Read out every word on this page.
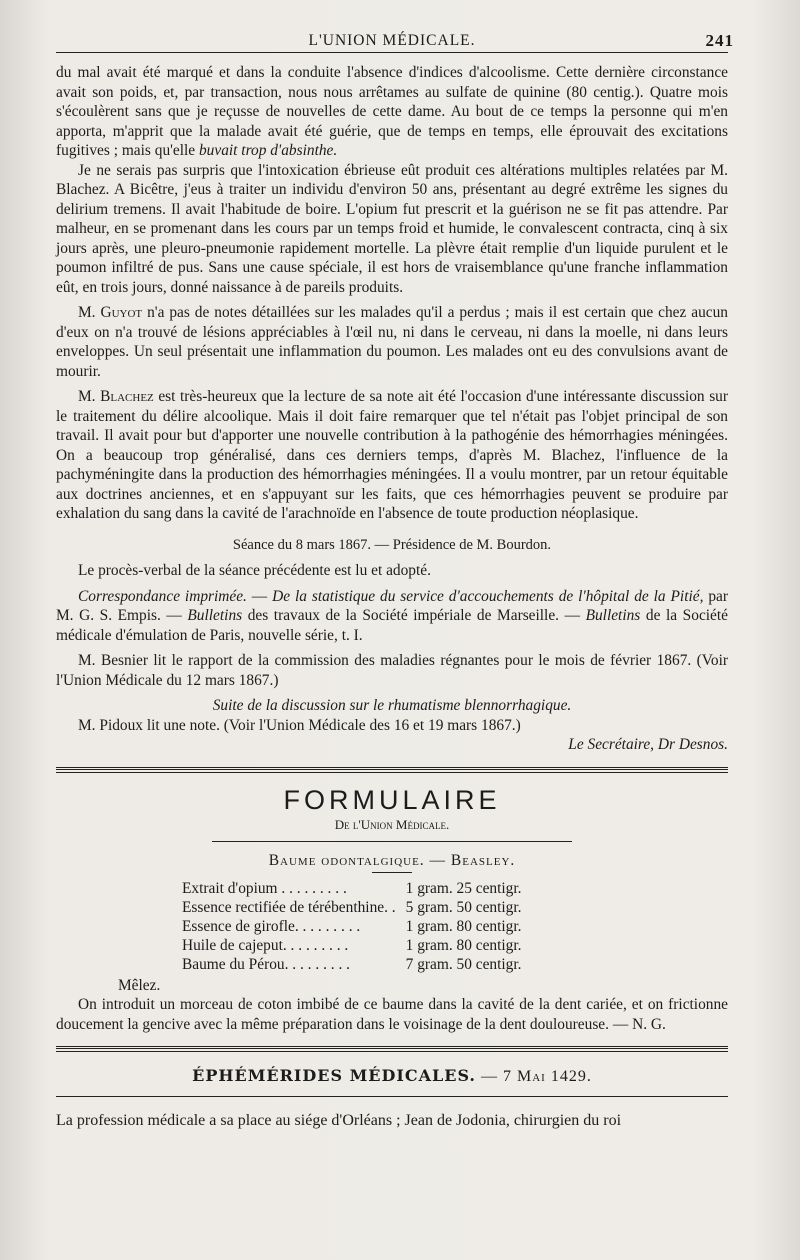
L'UNION MÉDICALE.	241

du mal avait été marqué et dans la conduite l'absence d'indices d'alcoolisme. Cette dernière circonstance avait son poids, et, par transaction, nous nous arrêtames au sulfate de quinine (80 centig.). Quatre mois s'écoulèrent sans que je reçusse de nouvelles de cette dame. Au bout de ce temps la personne qui m'en apporta, m'apprit que la malade avait été guérie, que de temps en temps, elle éprouvait des excitations fugitives ; mais qu'elle buvait trop d'absinthe.

Je ne serais pas surpris que l'intoxication ébrieuse eût produit ces altérations multiples relatées par M. Blachez. A Bicêtre, j'eus à traiter un individu d'environ 50 ans, présentant au degré extrême les signes du delirium tremens. Il avait l'habitude de boire. L'opium fut prescrit et la guérison ne se fit pas attendre. Par malheur, en se promenant dans les cours par un temps froid et humide, le convalescent contracta, cinq à six jours après, une pleuro-pneumonie rapidement mortelle. La plèvre était remplie d'un liquide purulent et le poumon infiltré de pus. Sans une cause spéciale, il est hors de vraisemblance qu'une franche inflammation eût, en trois jours, donné naissance à de pareils produits.

M. Guyot n'a pas de notes détaillées sur les malades qu'il a perdus ; mais il est certain que chez aucun d'eux on n'a trouvé de lésions appréciables à l'œil nu, ni dans le cerveau, ni dans la moelle, ni dans leurs enveloppes. Un seul présentait une inflammation du poumon. Les malades ont eu des convulsions avant de mourir.

M. Blachez est très-heureux que la lecture de sa note ait été l'occasion d'une intéressante discussion sur le traitement du délire alcoolique. Mais il doit faire remarquer que tel n'était pas l'objet principal de son travail. Il avait pour but d'apporter une nouvelle contribution à la pathogénie des hémorrhagies méningées. On a beaucoup trop généralisé, dans ces derniers temps, d'après M. Blachez, l'influence de la pachyméningite dans la production des hémorrhagies méningées. Il a voulu montrer, par un retour équitable aux doctrines anciennes, et en s'appuyant sur les faits, que ces hémorrhagies peuvent se produire par exhalation du sang dans la cavité de l'arachnoïde en l'absence de toute production néoplasique.

Séance du 8 mars 1867. — Présidence de M. Bourdon.

Le procès-verbal de la séance précédente est lu et adopté.

Correspondance imprimée. — De la statistique du service d'accouchements de l'hôpital de la Pitié, par M. G. S. Empis. — Bulletins des travaux de la Société impériale de Marseille. — Bulletins de la Société médicale d'émulation de Paris, nouvelle série, t. I.

M. Besnier lit le rapport de la commission des maladies régnantes pour le mois de février 1867. (Voir l'Union Médicale du 12 mars 1867.)

Suite de la discussion sur le rhumatisme blennorrhagique.

M. Pidoux lit une note. (Voir l'Union Médicale des 16 et 19 mars 1867.)

Le Secrétaire, Dr Desnos.

FORMULAIRE
De l'Union Médicale.
Baume odontalgique. — Beasley.
Extrait d'opium . . . . . . . . .	1 gram. 25 centigr.
Essence rectifiée de térébenthine. .	5 gram. 50 centigr.
Essence de girofle. . . . . . . . .	1 gram. 80 centigr.
Huile de cajeput. . . . . . . . .	1 gram. 80 centigr.
Baume du Pérou. . . . . . . . .	7 gram. 50 centigr.

Mêlez.

On introduit un morceau de coton imbibé de ce baume dans la cavité de la dent cariée, et on frictionne doucement la gencive avec la même préparation dans le voisinage de la dent douloureuse. — N. G.

ÉPHÉMÉRIDES MÉDICALES. — 7 Mai 1429.

La profession médicale a sa place au siége d'Orléans ; Jean de Jodonia, chirurgien du roi
